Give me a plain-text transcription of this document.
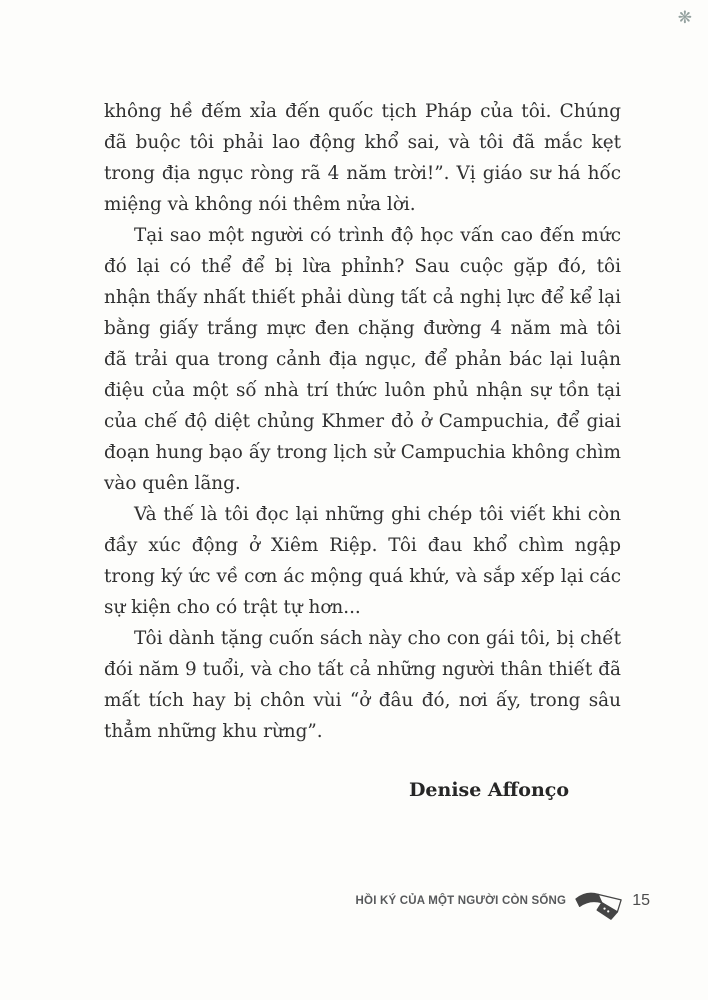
❋

không hề đếm xỉa đến quốc tịch Pháp của tôi. Chúng đã buộc tôi phải lao động khổ sai, và tôi đã mắc kẹt trong địa ngục ròng rã 4 năm trời!”. Vị giáo sư há hốc miệng và không nói thêm nửa lời.

Tại sao một người có trình độ học vấn cao đến mức đó lại có thể để bị lừa phỉnh? Sau cuộc gặp đó, tôi nhận thấy nhất thiết phải dùng tất cả nghị lực để kể lại bằng giấy trắng mực đen chặng đường 4 năm mà tôi đã trải qua trong cảnh địa ngục, để phản bác lại luận điệu của một số nhà trí thức luôn phủ nhận sự tồn tại của chế độ diệt chủng Khmer đỏ ở Campuchia, để giai đoạn hung bạo ấy trong lịch sử Campuchia không chìm vào quên lãng.

Và thế là tôi đọc lại những ghi chép tôi viết khi còn đầy xúc động ở Xiêm Riệp. Tôi đau khổ chìm ngập trong ký ức về cơn ác mộng quá khứ, và sắp xếp lại các sự kiện cho có trật tự hơn...

Tôi dành tặng cuốn sách này cho con gái tôi, bị chết đói năm 9 tuổi, và cho tất cả những người thân thiết đã mất tích hay bị chôn vùi “ở đâu đó, nơi ấy, trong sâu thẳm những khu rừng”.

Denise Affonço

HỒI KÝ CỦA MỘT NGƯỜI CÒN SỐNG	15
